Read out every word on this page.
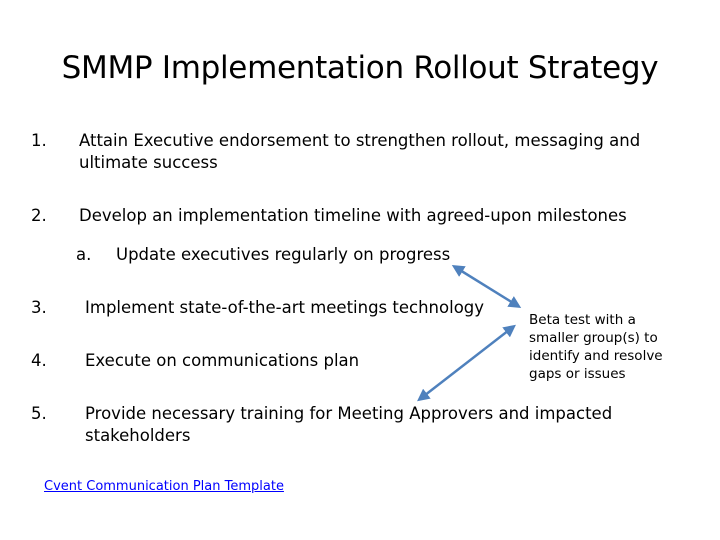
SMMP Implementation Rollout Strategy
1. Attain Executive endorsement to strengthen rollout, messaging and
ultimate success
2. Develop an implementation timeline with agreed-upon milestones
a. Update executives regularly on progress
3. Implement state-of-the-art meetings technology
4. Execute on communications plan
5. Provide necessary training for Meeting Approvers and impacted
stakeholders
Beta test with a
smaller group(s) to
identify and resolve
gaps or issues
Cvent Communication Plan Template
